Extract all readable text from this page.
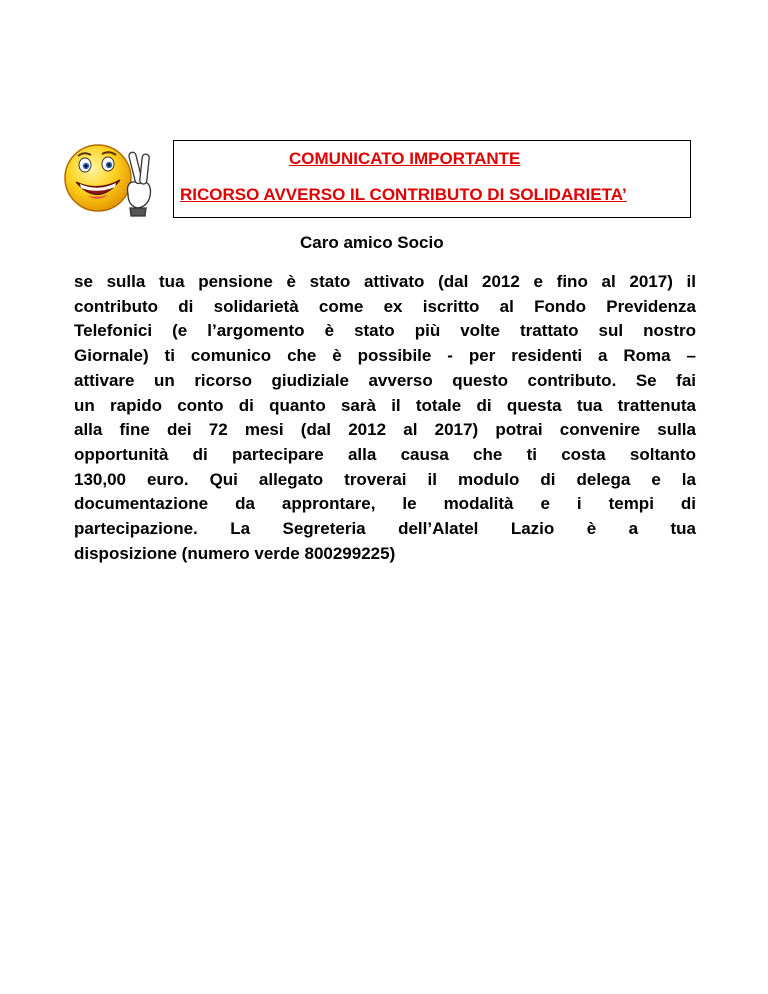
COMUNICATO IMPORTANTE
RICORSO AVVERSO IL CONTRIBUTO DI SOLIDARIETA’
Caro amico Socio
se sulla tua pensione è stato attivato (dal 2012 e fino al 2017) il
contributo di solidarietà come ex iscritto al Fondo Previdenza
Telefonici (e l’argomento è stato più volte trattato sul nostro
Giornale) ti comunico che è possibile - per residenti a Roma –
attivare un ricorso giudiziale avverso questo contributo. Se fai
un rapido conto di quanto sarà il totale di questa tua trattenuta
alla fine dei 72 mesi (dal 2012 al 2017) potrai convenire sulla
opportunità di partecipare alla causa che ti costa soltanto
130,00 euro. Qui allegato troverai il modulo di delega e la
documentazione da approntare, le modalità e i tempi di
partecipazione. La Segreteria dell’Alatel Lazio è a tua
disposizione (numero verde 800299225)
